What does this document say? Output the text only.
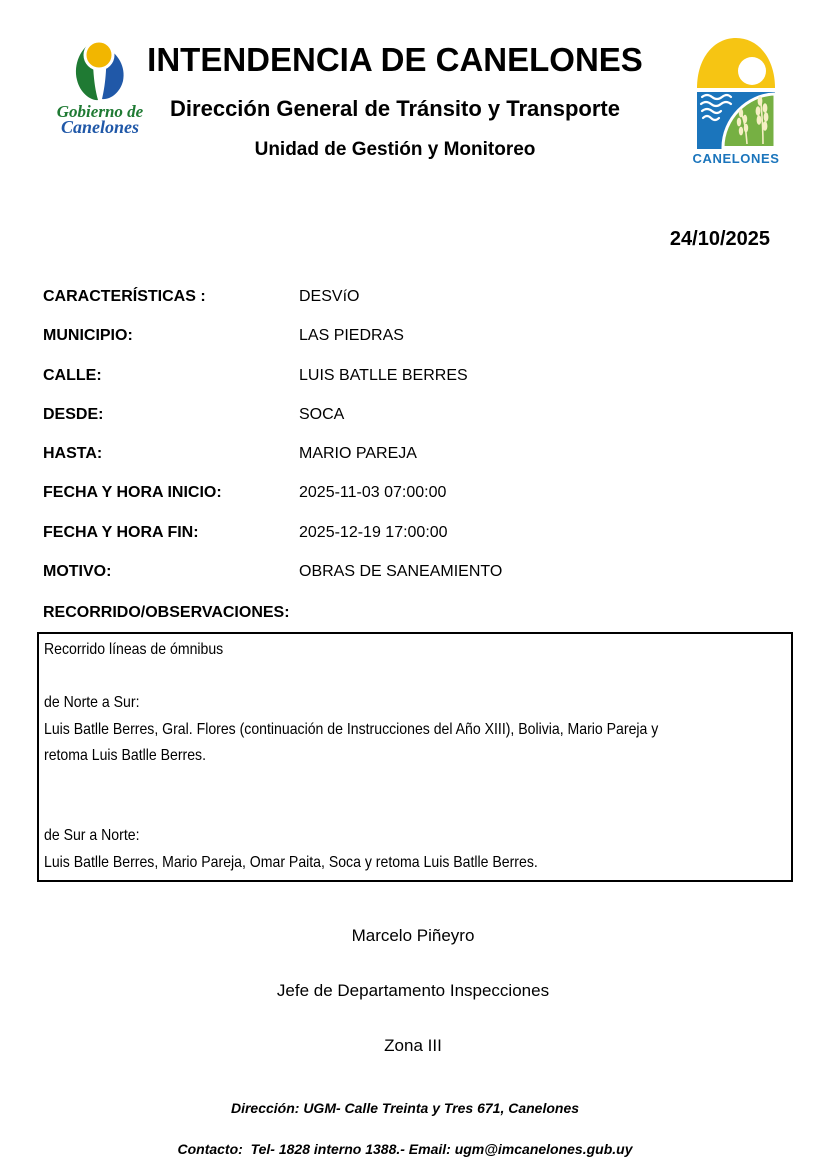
Gobierno de
Canelones
INTENDENCIA DE CANELONES
Dirección General de Tránsito y Transporte
Unidad de Gestión y Monitoreo	CANELONES
24/10/2025
CARACTERÍSTICAS :	DESVíO
MUNICIPIO:	LAS PIEDRAS
CALLE:	LUIS BATLLE BERRES
DESDE:	SOCA
HASTA:	MARIO PAREJA
FECHA Y HORA INICIO:	2025-11-03 07:00:00
FECHA Y HORA FIN:	2025-12-19 17:00:00
MOTIVO:	OBRAS DE SANEAMIENTO
RECORRIDO/OBSERVACIONES:
Recorrido líneas de ómnibus

de Norte a Sur:
Luis Batlle Berres, Gral. Flores (continuación de Instrucciones del Año XIII), Bolivia, Mario Pareja y
retoma Luis Batlle Berres.

de Sur a Norte:
Luis Batlle Berres, Mario Pareja, Omar Paita, Soca y retoma Luis Batlle Berres.
Marcelo Piñeyro
Jefe de Departamento Inspecciones
Zona III
Dirección: UGM- Calle Treinta y Tres 671, Canelones
Contacto:  Tel- 1828 interno 1388.- Email: ugm@imcanelones.gub.uy
